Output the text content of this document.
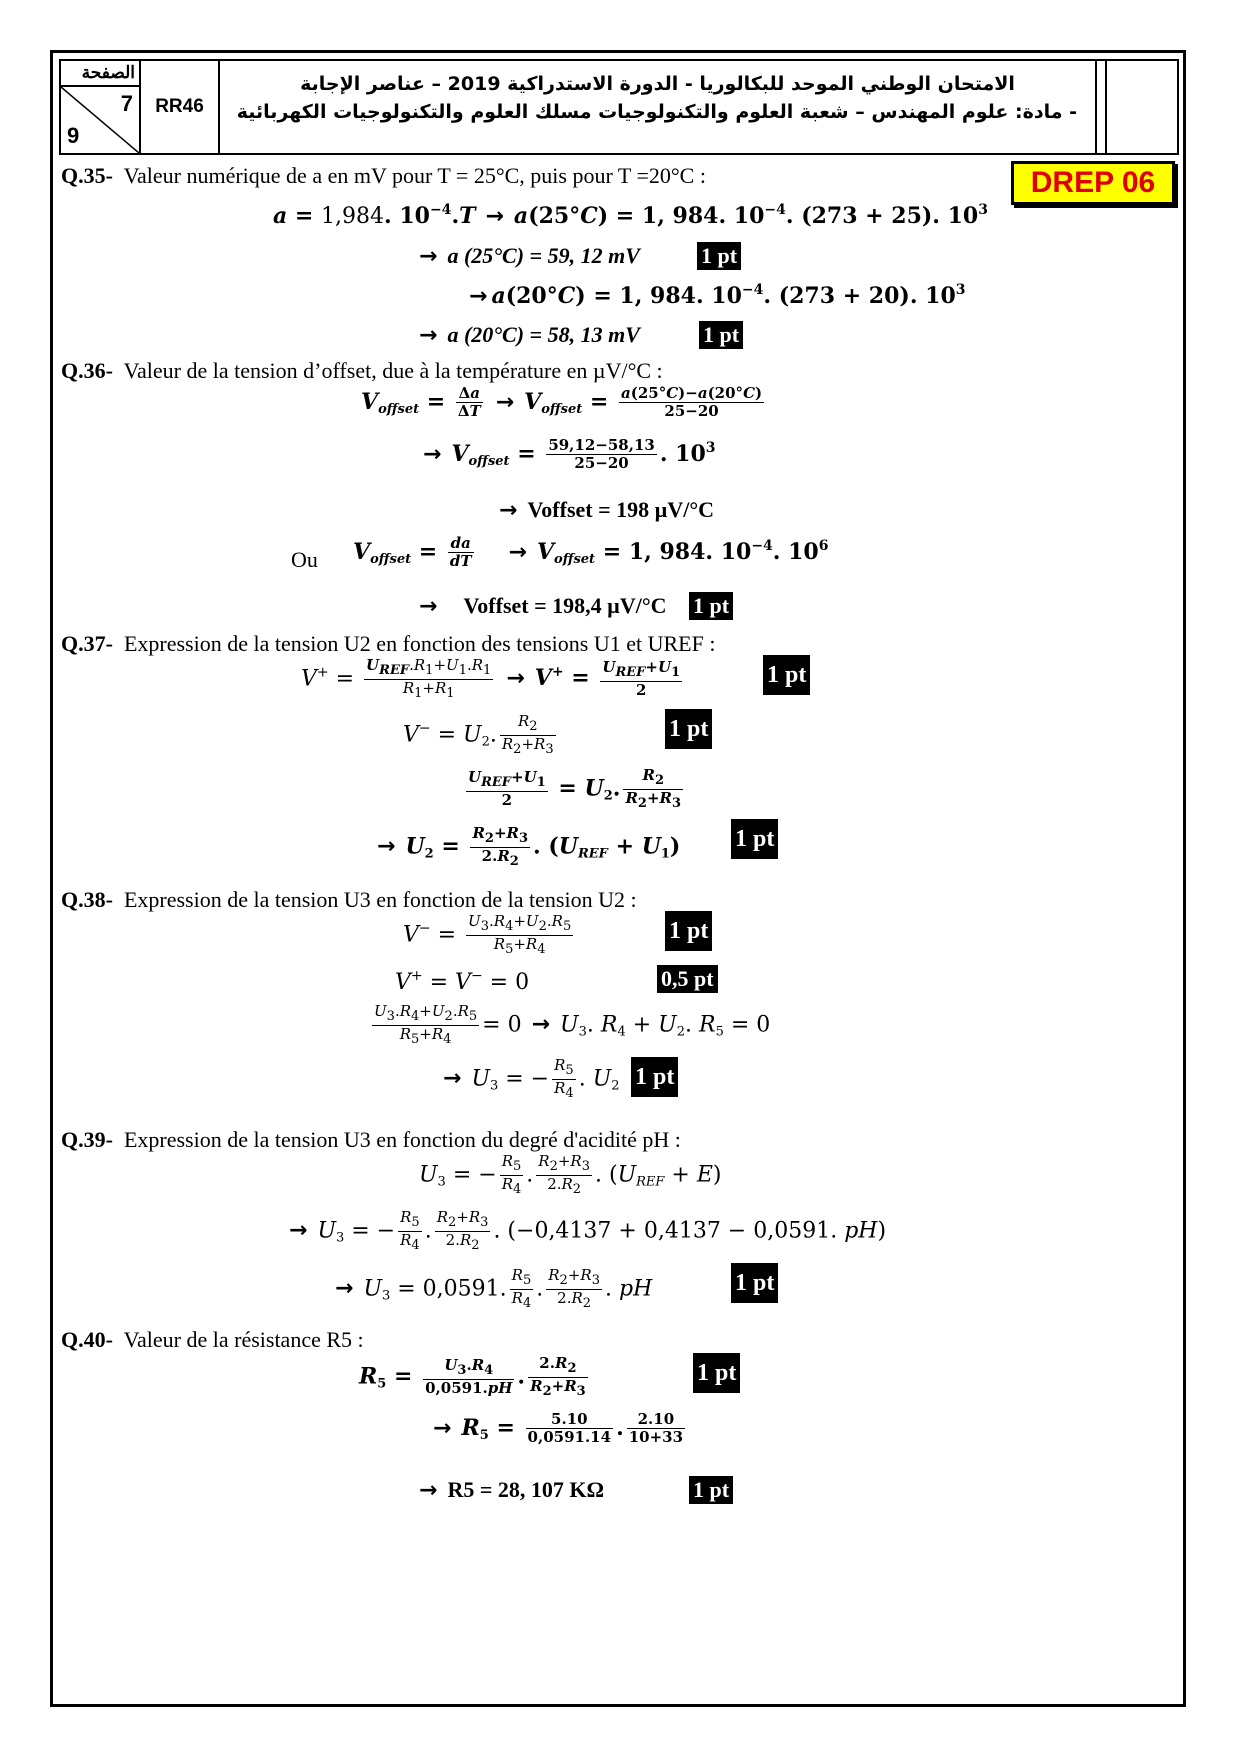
الصفحة
7
9
RR46
الامتحان الوطني الموحد للبكالوريا - الدورة الاستدراكية 2019 – عناصر الإجابة
- مادة: علوم المهندس – شعبة العلوم والتكنولوجيات مسلك العلوم والتكنولوجيات الكهربائية
DREP 06
Q.35- Valeur numérique de a en mV pour T = 25°C, puis pour T =20°C :
a = 1,984. $10^{-4}.T \to a(25^\circ C) = 1$, 984. $10^{-4}$. (273 + 25). $10^3$
→ a (25°C) = 59, 12 mV	1 pt
→ a(20°C) = 1, 984. $10^{-4}$. (273 + 20). $10^3$
→ a (20°C) = 58, 13 mV	1 pt
Q.36- Valeur de la tension d’offset, due à la température en µV/°C :
$V_{offset} = \frac{\Delta a}{\Delta T} \to V_{offset} = \frac{a(25^\circ C)-a(20^\circ C)}{25-20}$
→ $V_{offset} = \frac{59,12-58,13}{25-20}$ . $10^3$
→ Voffset = 198 µV/°C
Ou $V_{offset} = \frac{da}{dT} \to V_{offset} = 1$, 984. $10^{-4}$. $10^6$
→ Voffset = 198,4 µV/°C 1 pt
Q.37- Expression de la tension U2 en fonction des tensions U1 et UREF :
V+ =
$U_{REF}.R_1+U_1.R_1$
$R_1+R_1$
→ $V^+ = U_{REF}+U_1$
2
1 pt
$V^- = U_2$. $\frac{R_2}{R_2+R_3}$	1 pt
$U_{REF}+U_1$
2	= $U_2$. $\frac{R_2}{R_2+R_3}$
→ $U_2 = \frac{R_2+R_3}{2.R_2}$ . $(U_{REF} + U_1)$ 1 pt
Q.38- Expression de la tension U3 en fonction de la tension U2 :
$V^- = \frac{U_3.R_4+U_2.R_5}{R_5+R_4}$	1 pt
V+ = V− = 0	0,5 pt
$\frac{U_3.R_4+U_2.R_5}{R_5+R_4} = 0 \to U_3$. $R_4 + U_2$. $R_5 = 0$
→ $U_3$ = − $\frac{R_5}{R_4}$ . $U_2$ 1 pt
Q.39- Expression de la tension U3 en fonction du degré d'acidité pH :
$U_3$ = − $\frac{R_5}{R_4}$ . $\frac{R_2+R_3}{2.R_2}$ . $(U_{REF} + E)$
→ $U_3$ = − $\frac{R_5}{R_4}$ . $\frac{R_2+R_3}{2.R_2}$ . (−0,4137 + 0,4137 − 0,0591. pH)
→ $U_3 = 0,0591$. $\frac{R_5}{R_4}$ . $\frac{R_2+R_3}{2.R_2}$ . pH	1 pt
Q.40- Valeur de la résistance R5 :
$R_5 = \frac{U_3.R_4}{0,0591.pH}$ . $\frac{2.R_2}{R_2+R_3}$	1 pt
→ $R_5 = \frac{5.10}{0,0591.14}$ . $\frac{2.10}{10+33}$
→ R5 = 28, 107 KΩ	1 pt
